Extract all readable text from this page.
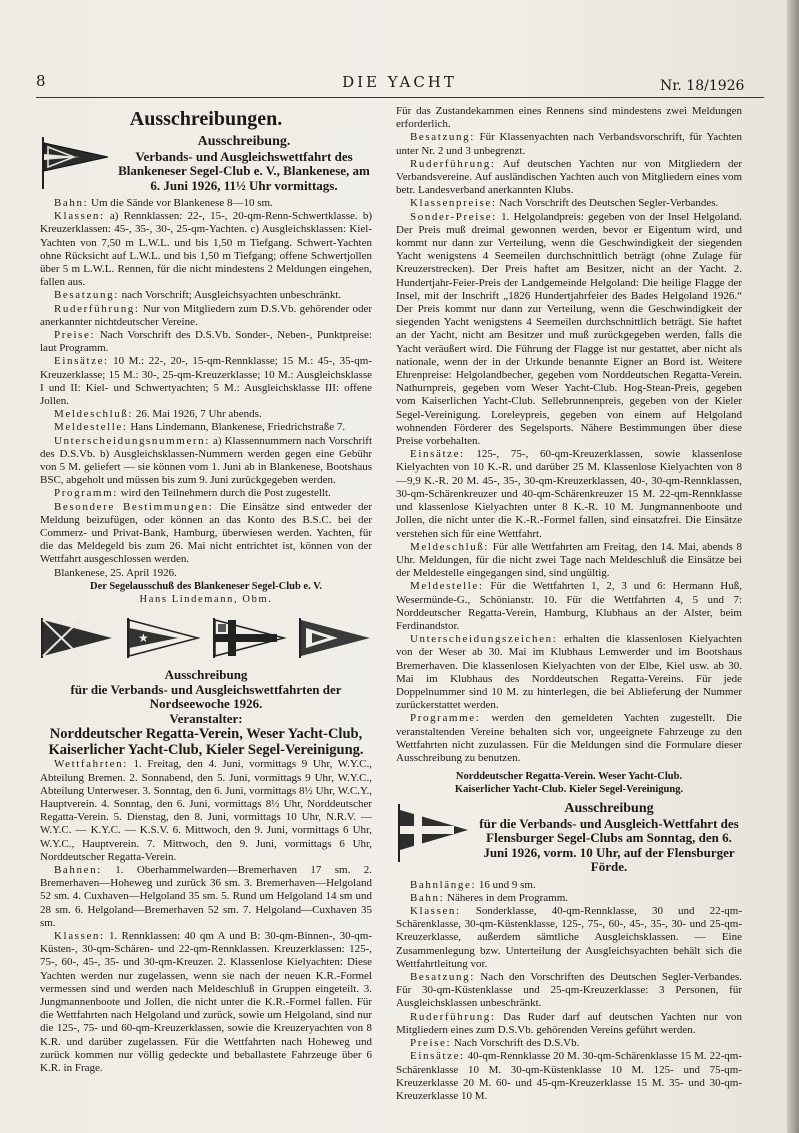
8	DIE YACHT	Nr. 18/1926
Ausschreibungen.
Ausschreibung.
Verbands- und Ausgleichswettfahrt des Blankeneser Segel-Club e. V., Blankenese, am 6. Juni 1926, 11½ Uhr vormittags.

Bahn: Um die Sände vor Blankenese 8—10 sm.

Klassen: a) Rennklassen: 22-, 15-, 20-qm-Renn-Schwertklasse. b) Kreuzerklassen: 45-, 35-, 30-, 25-qm-Yachten. c) Ausgleichsklassen: Kiel-Yachten von 7,50 m L.W.L. und bis 1,50 m Tiefgang. Schwert-Yachten ohne Rücksicht auf L.W.L. und bis 1,50 m Tiefgang; offene Schwertjollen über 5 m L.W.L. Rennen, für die nicht mindestens 2 Meldungen eingehen, fallen aus.

Besatzung: nach Vorschrift; Ausgleichsyachten unbeschränkt.

Ruderführung: Nur von Mitgliedern zum D.S.Vb. gehörender oder anerkannter nichtdeutscher Vereine.

Preise: Nach Vorschrift des D.S.Vb. Sonder-, Neben-, Punktpreise: laut Programm.

Einsätze: 10 M.: 22-, 20-, 15-qm-Rennklasse; 15 M.: 45-, 35-qm-Kreuzerklasse; 15 M.: 30-, 25-qm-Kreuzerklasse; 10 M.: Ausgleichsklasse I und II: Kiel- und Schwertyachten; 5 M.: Ausgleichsklasse III: offene Jollen.

Meldeschluß: 26. Mai 1926, 7 Uhr abends.

Meldestelle: Hans Lindemann, Blankenese, Friedrichstraße 7.

Unterscheidungsnummern: a) Klassennummern nach Vorschrift des D.S.Vb. b) Ausgleichsklassen-Nummern werden gegen eine Gebühr von 5 M. geliefert — sie können vom 1. Juni ab in Blankenese, Bootshaus BSC, abgeholt und müssen bis zum 9. Juni zurückgegeben werden.

Programm: wird den Teilnehmern durch die Post zugestellt.

Besondere Bestimmungen: Die Einsätze sind entweder der Meldung beizufügen, oder können an das Konto des B.S.C. bei der Commerz- und Privat-Bank, Hamburg, überwiesen werden. Yachten, für die das Meldegeld bis zum 26. Mai nicht entrichtet ist, können von der Wettfahrt ausgeschlossen werden.

Blankenese, 25. April 1926.

Der Segelausschuß des Blankeneser Segel-Club e. V.
Hans Lindemann, Obm.
★
Ausschreibung
für die Verbands- und Ausgleichswettfahrten der Nordseewoche 1926.
Veranstalter:
Norddeutscher Regatta-Verein, Weser Yacht-Club, Kaiserlicher Yacht-Club, Kieler Segel-Vereinigung.

Wettfahrten: 1. Freitag, den 4. Juni, vormittags 9 Uhr, W.Y.C., Abteilung Bremen. 2. Sonnabend, den 5. Juni, vormittags 9 Uhr, W.Y.C., Abteilung Unterweser. 3. Sonntag, den 6. Juni, vormittags 8½ Uhr, W.C.Y., Hauptverein. 4. Sonntag, den 6. Juni, vormittags 8½ Uhr, Norddeutscher Regatta-Verein. 5. Dienstag, den 8. Juni, vormittags 10 Uhr, N.R.V. — W.Y.C. — K.Y.C. — K.S.V. 6. Mittwoch, den 9. Juni, vormittags 6 Uhr, W.Y.C., Hauptverein. 7. Mittwoch, den 9. Juni, vormittags 6 Uhr, Norddeutscher Regatta-Verein.

Bahnen: 1. Oberhammelwarden—Bremerhaven 17 sm. 2. Bremerhaven—Hoheweg und zurück 36 sm. 3. Bremerhaven—Helgoland 52 sm. 4. Cuxhaven—Helgoland 35 sm. 5. Rund um Helgoland 14 sm und 28 sm. 6. Helgoland—Bremerhaven 52 sm. 7. Helgoland—Cuxhaven 35 sm.

Klassen: 1. Rennklassen: 40 qm A und B: 30-qm-Binnen-, 30-qm-Küsten-, 30-qm-Schären- und 22-qm-Rennklassen. Kreuzerklassen: 125-, 75-, 60-, 45-, 35- und 30-qm-Kreuzer. 2. Klassenlose Kielyachten: Diese Yachten werden nur zugelassen, wenn sie nach der neuen K.R.-Formel vermessen sind und werden nach Meldeschluß in Gruppen eingeteilt. 3. Jungmannenboote und Jollen, die nicht unter die K.R.-Formel fallen. Für die Wettfahrten nach Helgoland und zurück, sowie um Helgoland, sind nur die 125-, 75- und 60-qm-Kreuzerklassen, sowie die Kreuzeryachten von 8 K.R. und darüber zugelassen. Für die Wettfahrten nach Hoheweg und zurück kommen nur völlig gedeckte und beballastete Fahrzeuge über 6 K.R. in Frage.

Für das Zustandekammen eines Rennens sind mindestens zwei Meldungen erforderlich.

Besatzung: Für Klassenyachten nach Verbandsvorschrift, für Yachten unter Nr. 2 und 3 unbegrenzt.

Ruderführung: Auf deutschen Yachten nur von Mitgliedern der Verbandsvereine. Auf ausländischen Yachten auch von Mitgliedern eines vom betr. Landesverband anerkannten Klubs.

Klassenpreise: Nach Vorschrift des Deutschen Segler-Verbandes.

Sonder-Preise: 1. Helgolandpreis: gegeben von der Insel Helgoland. Der Preis muß dreimal gewonnen werden, bevor er Eigentum wird, und kommt nur dann zur Verteilung, wenn die Geschwindigkeit der siegenden Yacht wenigstens 4 Seemeilen durchschnittlich beträgt (ohne Zulage für Kreuzerstrecken). Der Preis haftet am Besitzer, nicht an der Yacht. 2. Hundertjahr-Feier-Preis der Landgemeinde Helgoland: Die heilige Flagge der Insel, mit der Inschrift „1826 Hundertjahrfeier des Bades Helgoland 1926.“ Der Preis kommt nur dann zur Verteilung, wenn die Geschwindigkeit der siegenden Yacht wenigstens 4 Seemeilen durchschnittlich beträgt. Sie haftet an der Yacht, nicht am Besitzer und muß zurückgegeben werden, falls die Yacht veräußert wird. Die Führung der Flagge ist nur gestattet, aber nicht als nationale, wenn der in der Urkunde benannte Eigner an Bord ist. Weitere Ehrenpreise: Helgolandbecher, gegeben vom Norddeutschen Regatta-Verein. Nathurnpreis, gegeben vom Weser Yacht-Club. Hog-Stean-Preis, gegeben vom Kaiserlichen Yacht-Club. Sellebrunnenpreis, gegeben von der Kieler Segel-Vereinigung. Loreleypreis, gegeben von einem auf Helgoland wohnenden Förderer des Segelsports. Nähere Bestimmungen über diese Preise vorbehalten.

Einsätze: 125-, 75-, 60-qm-Kreuzerklassen, sowie klassenlose Kielyachten von 10 K.-R. und darüber 25 M. Klassenlose Kielyachten von 8—9,9 K.-R. 20 M. 45-, 35-, 30-qm-Kreuzerklassen, 40-, 30-qm-Rennklassen, 30-qm-Schärenkreuzer und 40-qm-Schärenkreuzer 15 M. 22-qm-Rennklasse und klassenlose Kielyachten unter 8 K.-R. 10 M. Jungmannenboote und Jollen, die nicht unter die K.-R.-Formel fallen, sind einsatzfrei. Die Einsätze verstehen sich für eine Wettfahrt.

Meldeschluß: Für alle Wettfahrten am Freitag, den 14. Mai, abends 8 Uhr. Meldungen, für die nicht zwei Tage nach Meldeschluß die Einsätze bei der Meldestelle eingegangen sind, sind ungültig.

Meldestelle: Für die Wettfahrten 1, 2, 3 und 6: Hermann Huß, Wesermünde-G., Schönianstr. 10. Für die Wettfahrten 4, 5 und 7: Norddeutscher Regatta-Verein, Hamburg, Klubhaus an der Alster, beim Ferdinandstor.

Unterscheidungszeichen: erhalten die klassenlosen Kielyachten von der Weser ab 30. Mai im Klubhaus Lemwerder und im Bootshaus Bremerhaven. Die klassenlosen Kielyachten von der Elbe, Kiel usw. ab 30. Mai im Klubhaus des Norddeutschen Regatta-Vereins. Für jede Doppelnummer sind 10 M. zu hinterlegen, die bei Ablieferung der Nummer zurückerstattet werden.

Programme: werden den gemeldeten Yachten zugestellt. Die veranstaltenden Vereine behalten sich vor, ungeeignete Fahrzeuge zu den Wettfahrten nicht zuzulassen. Für die Meldungen sind die Formulare dieser Ausschreibung zu benutzen.

Norddeutscher Regatta-Verein. Weser Yacht-Club.
Kaiserlicher Yacht-Club. Kieler Segel-Vereinigung.
Ausschreibung
für die Verbands- und Ausgleich-Wettfahrt des Flensburger Segel-Clubs am Sonntag, den 6. Juni 1926, vorm. 10 Uhr, auf der Flensburger Förde.

Bahnlänge: 16 und 9 sm.

Bahn: Näheres in dem Programm.

Klassen: Sonderklasse, 40-qm-Rennklasse, 30 und 22-qm-Schärenklasse, 30-qm-Küstenklasse, 125-, 75-, 60-, 45-, 35-, 30- und 25-qm-Kreuzerklasse, außerdem sämtliche Ausgleichsklassen. — Eine Zusammenlegung bzw. Unterteilung der Ausgleichsyachten behält sich die Wettfahrtleitung vor.

Besatzung: Nach den Vorschriften des Deutschen Segler-Verbandes. Für 30-qm-Küstenklasse und 25-qm-Kreuzerklasse: 3 Personen, für Ausgleichsklassen unbeschränkt.

Ruderführung: Das Ruder darf auf deutschen Yachten nur von Mitgliedern eines zum D.S.Vb. gehörenden Vereins geführt werden.

Preise: Nach Vorschrift des D.S.Vb.

Einsätze: 40-qm-Rennklasse 20 M. 30-qm-Schärenklasse 15 M. 22-qm-Schärenklasse 10 M. 30-qm-Küstenklasse 10 M. 125- und 75-qm-Kreuzerklasse 20 M. 60- und 45-qm-Kreuzerklasse 15 M. 35- und 30-qm-Kreuzerklasse 10 M.
